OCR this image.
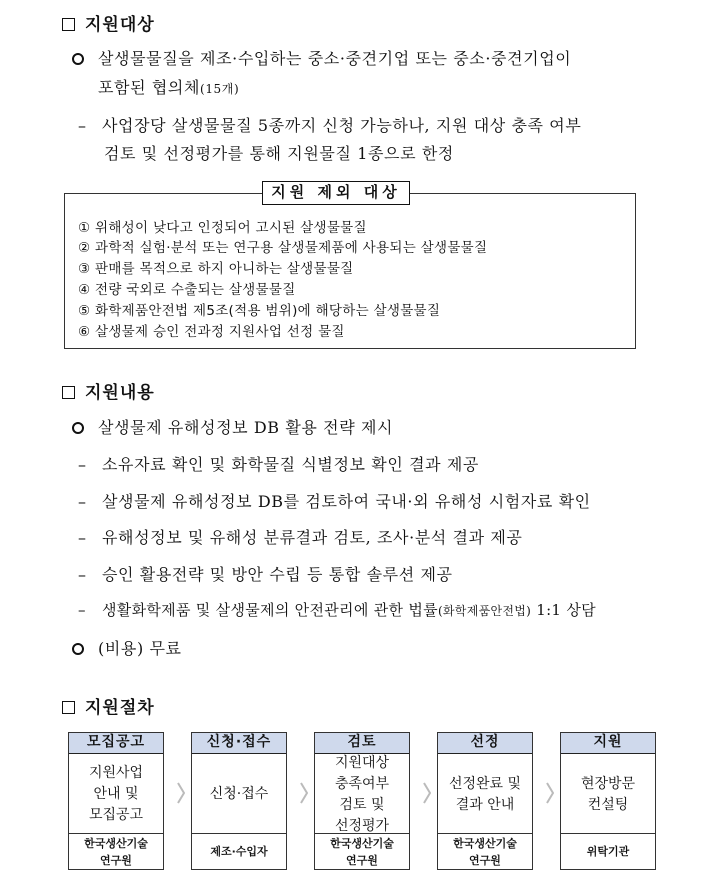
지원대상
살생물물질을 제조·수입하는 중소·중견기업 또는 중소·중견기업이
포함된 협의체(15개)
– 사업장당 살생물물질 5종까지 신청 가능하나, 지원 대상 충족 여부
검토 및 선정평가를 통해 지원물질 1종으로 한정
지원 제외 대상
① 위해성이 낮다고 인정되어 고시된 살생물물질
② 과학적 실험·분석 또는 연구용 살생물제품에 사용되는 살생물물질
③ 판매를 목적으로 하지 아니하는 살생물물질
④ 전량 국외로 수출되는 살생물물질
⑤ 화학제품안전법 제5조(적용 범위)에 해당하는 살생물물질
⑥ 살생물제 승인 전과정 지원사업 선정 물질
지원내용
살생물제 유해성정보 DB 활용 전략 제시
– 소유자료 확인 및 화학물질 식별정보 확인 결과 제공
– 살생물제 유해성정보 DB를 검토하여 국내·외 유해성 시험자료 확인
– 유해성정보 및 유해성 분류결과 검토, 조사·분석 결과 제공
– 승인 활용전략 및 방안 수립 등 통합 솔루션 제공
– 생활화학제품 및 살생물제의 안전관리에 관한 법률(화학제품안전법) 1:1 상담
(비용) 무료
지원절차
모집공고
지원사업
안내 및
모집공고
한국생산기술
연구원
신청·접수
신청·접수
제조·수입자
검토
지원대상
충족여부
검토 및
선정평가
한국생산기술
연구원
선정
선정완료 및
결과 안내
한국생산기술
연구원
지원
현장방문
컨설팅
위탁기관
